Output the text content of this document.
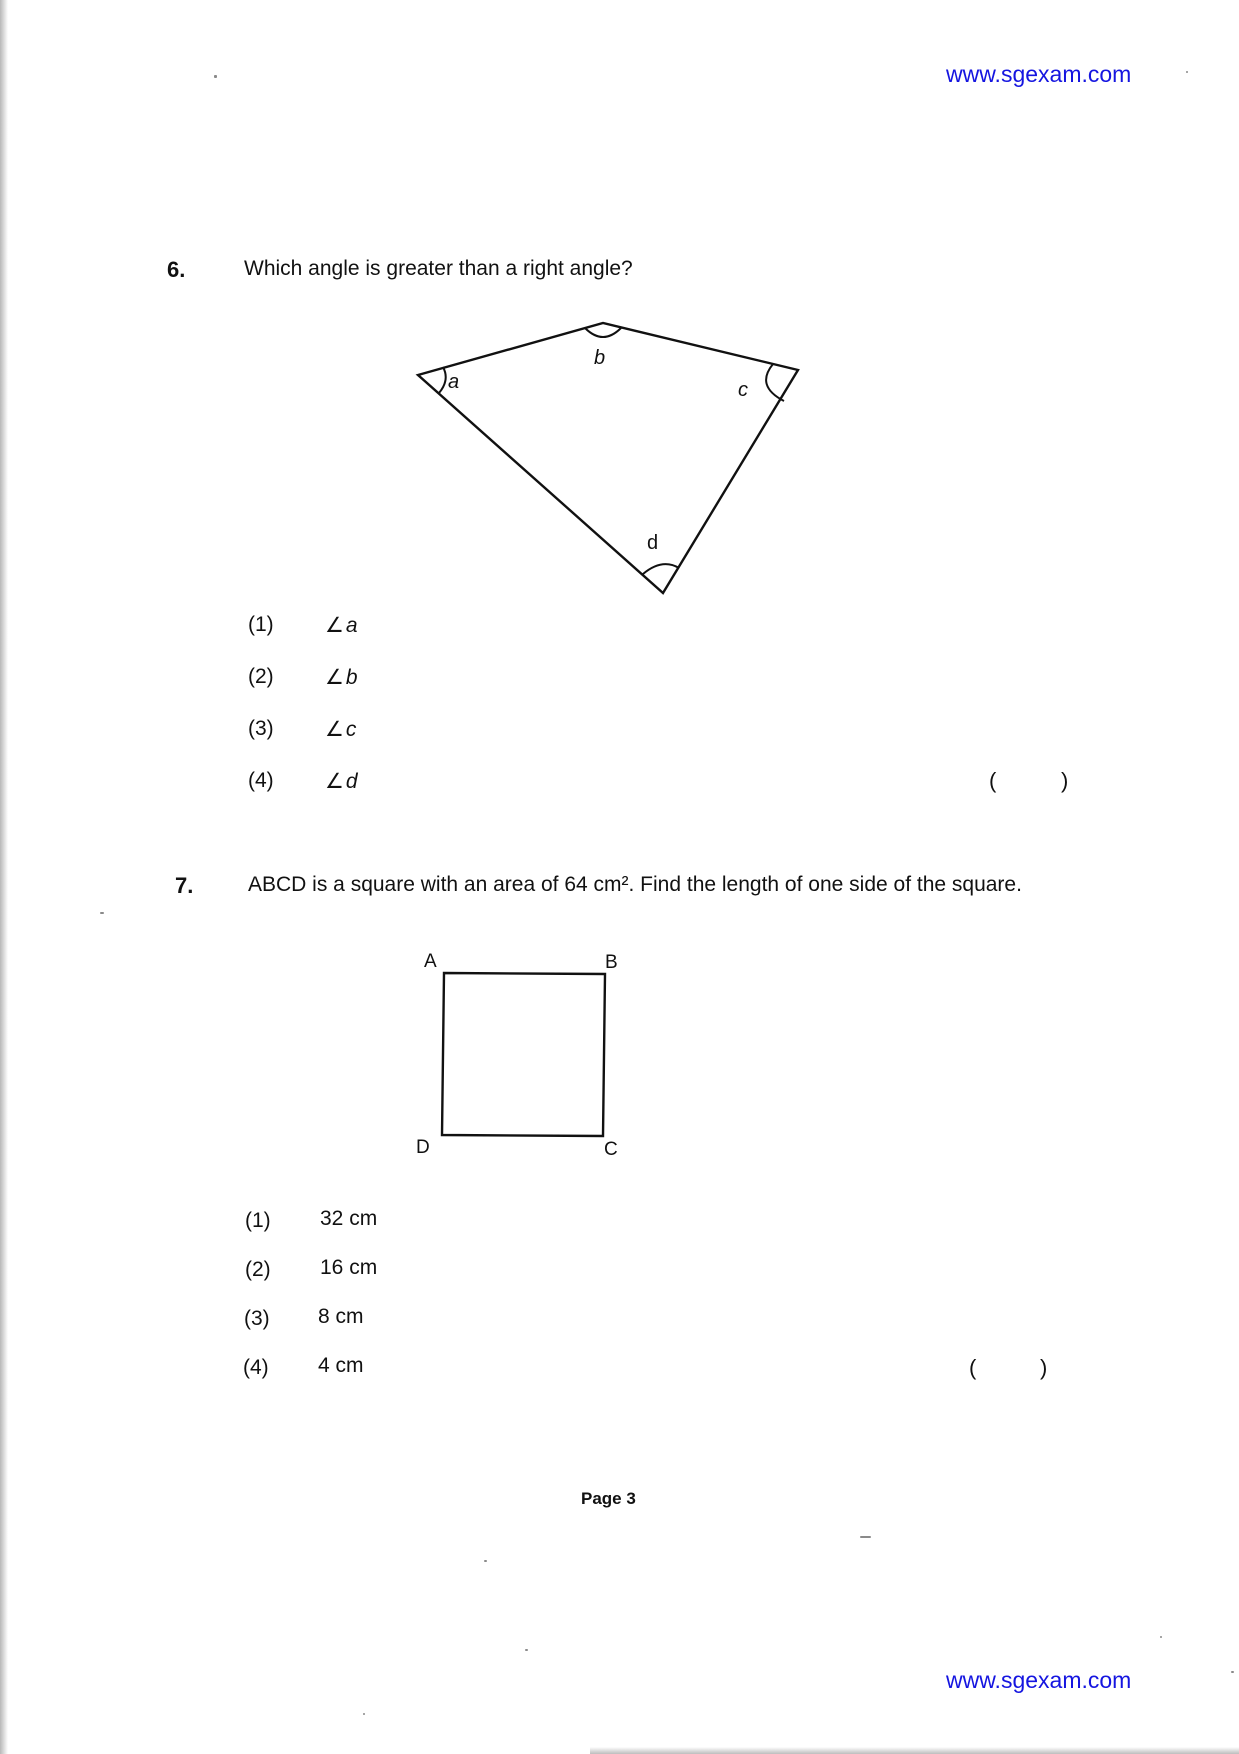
www.sgexam.com
6.	Which angle is greater than a right angle?
a
b
c
d
(1) ∠a
(2) ∠b
(3) ∠c
(4) ∠d	(	)
7.	ABCD is a square with an area of 64 cm². Find the length of one side of the square.
A	B
C
D
(1) 32 cm
(2) 16 cm
(3) 8 cm
(4) 4 cm	(	)
Page 3
www.sgexam.com
